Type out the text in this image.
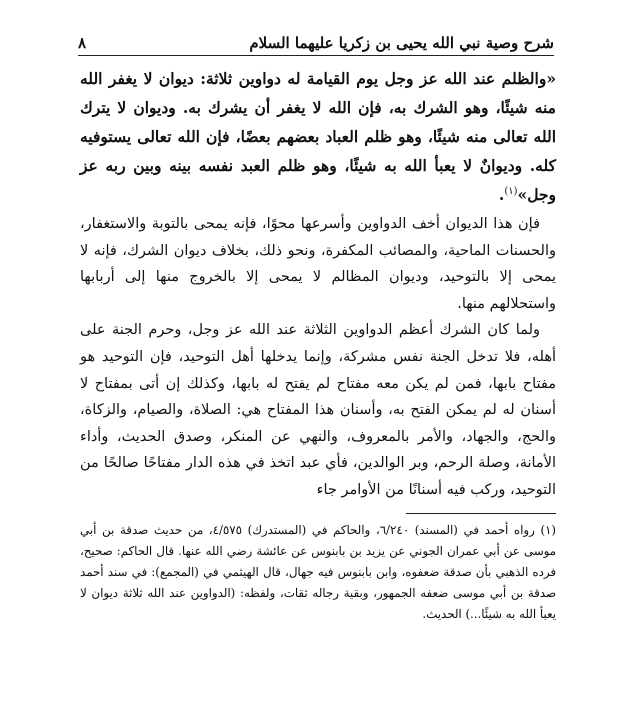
شرح وصية نبي الله يحيى بن زكريا عليهما السلام
٨

«والظلم عند الله عز وجل يوم القيامة له دواوين ثلاثة: ديوان لا يغفر الله منه شيئًا، وهو الشرك به، فإن الله لا يغفر أن يشرك به. وديوان لا يترك الله تعالى منه شيئًا، وهو ظلم العباد بعضهم بعضًا، فإن الله تعالى يستوفيه كله. وديوانٌ لا يعبأ الله به شيئًا، وهو ظلم العبد نفسه بينه وبين ربه عز وجل»$^{(١)}$.

فإن هذا الديوان أخف الدواوين وأسرعها محوًا، فإنه يمحى بالتوبة والاستغفار، والحسنات الماحية، والمصائب المكفرة، ونحو ذلك، بخلاف ديوان الشرك، فإنه لا يمحى إلا بالتوحيد، وديوان المظالم لا يمحى إلا بالخروج منها إلى أربابها واستحلالهم منها.

ولما كان الشرك أعظم الدواوين الثلاثة عند الله عز وجل، وحرم الجنة على أهله، فلا تدخل الجنة نفس مشركة، وإنما يدخلها أهل التوحيد، فإن التوحيد هو مفتاح بابها، فمن لم يكن معه مفتاح لم يفتح له بابها، وكذلك إن أتى بمفتاح لا أسنان له لم يمكن الفتح به، وأسنان هذا المفتاح هي: الصلاة، والصيام، والزكاة، والحج، والجهاد، والأمر بالمعروف، والنهي عن المنكر، وصدق الحديث، وأداء الأمانة، وصلة الرحم، وبر الوالدين، فأي عبد اتخذ في هذه الدار مفتاحًا صالحًا من التوحيد، وركب فيه أسنانًا من الأوامر جاء

(١) رواه أحمد في (المسند) ٦/٢٤٠، والحاكم في (المستدرك) ٤/٥٧٥، من حديث صدقة بن أبي موسى عن أبي عمران الجوني عن يزيد بن بابنوس عن عائشة رضي الله عنها. قال الحاكم: صحيح، فرده الذهبي بأن صدقة ضعفوه، وابن بابنوس فيه جهال، قال الهيثمي في (المجمع): في سند أحمد صدقة بن أبي موسى ضعفه الجمهور، وبقية رجاله ثقات، ولفظه: (الدواوين عند الله ثلاثة ديوان لا يعبأ الله به شيئًا...) الحديث.
